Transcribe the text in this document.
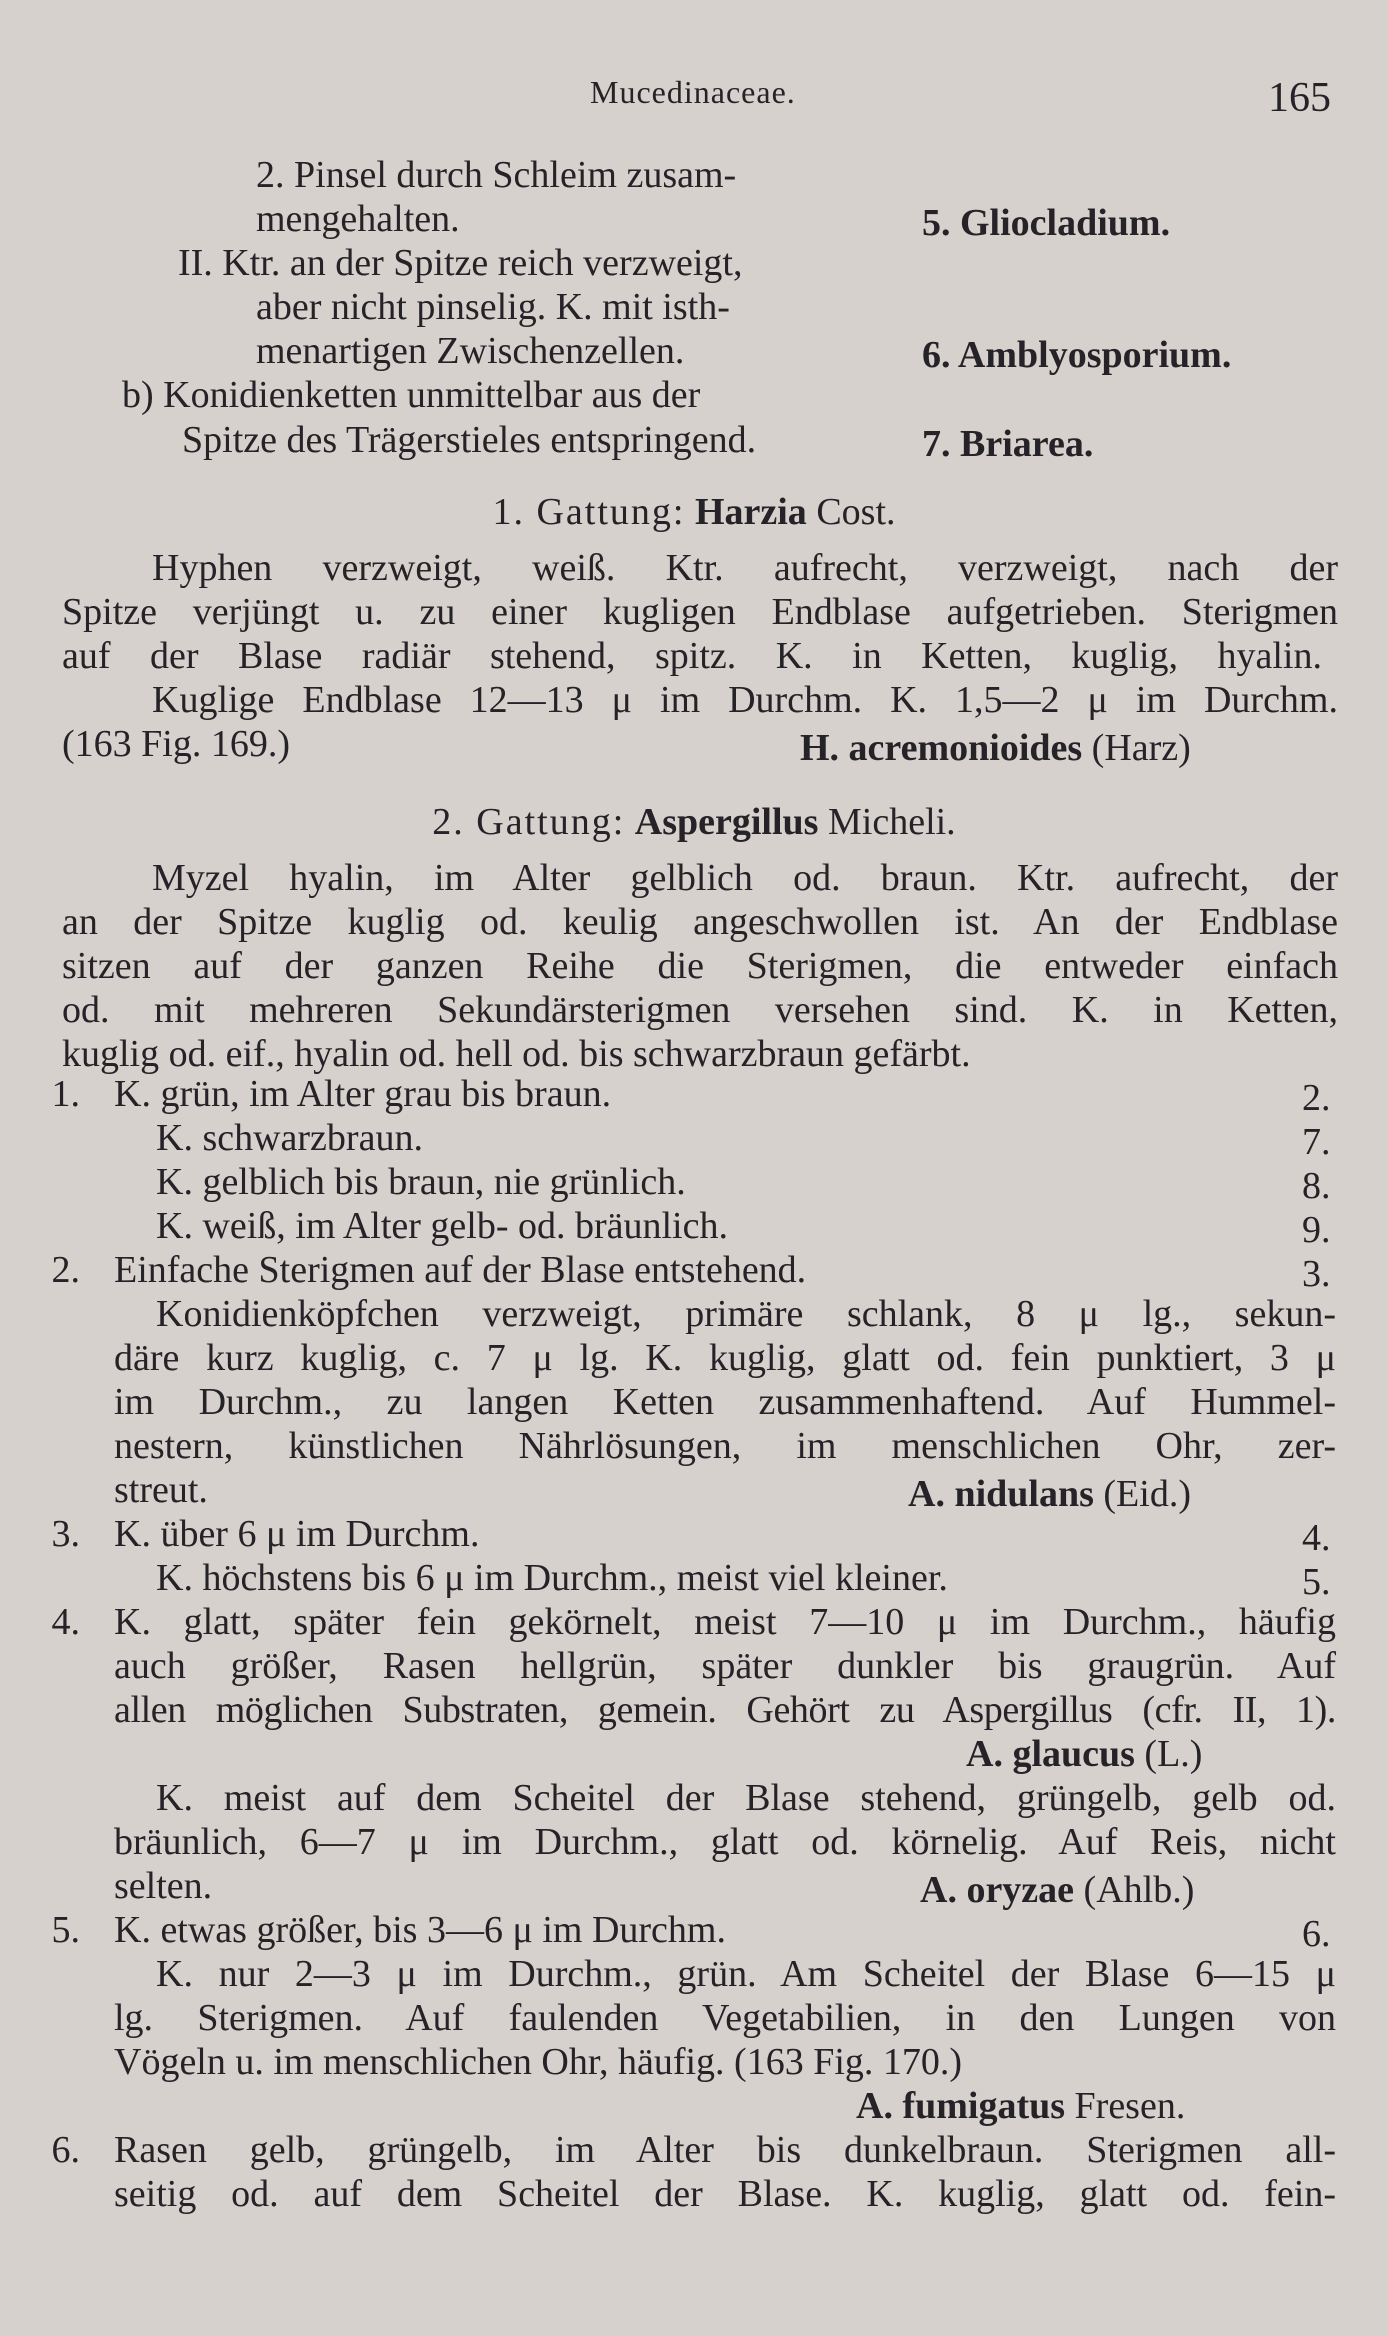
Mucedinaceae.	165
2. Pinsel durch Schleim zusam-
mengehalten.	5. Gliocladium.
II. Ktr. an der Spitze reich verzweigt,
aber nicht pinselig. K. mit isth-
menartigen Zwischenzellen.	6. Amblyosporium.
b) Konidienketten unmittelbar aus der
Spitze des Trägerstieles entspringend.	7. Briarea.
1. Gattung: Harzia Cost.
Hyphen verzweigt, weiß. Ktr. aufrecht, verzweigt, nach der
Spitze verjüngt u. zu einer kugligen Endblase aufgetrieben. Sterigmen
auf der Blase radiär stehend, spitz. K. in Ketten, kuglig, hyalin.
Kuglige Endblase 12—13 μ im Durchm. K. 1,5—2 μ im Durchm.
(163 Fig. 169.)	H. acremonioides (Harz)
2. Gattung: Aspergillus Micheli.
Myzel hyalin, im Alter gelblich od. braun. Ktr. aufrecht, der
an der Spitze kuglig od. keulig angeschwollen ist. An der Endblase
sitzen auf der ganzen Reihe die Sterigmen, die entweder einfach
od. mit mehreren Sekundärsterigmen versehen sind. K. in Ketten,
kuglig od. eif., hyalin od. hell od. bis schwarzbraun gefärbt.
1. K. grün, im Alter grau bis braun.	2.
K. schwarzbraun.	7.
K. gelblich bis braun, nie grünlich.	8.
K. weiß, im Alter gelb- od. bräunlich.	9.
2. Einfache Sterigmen auf der Blase entstehend.	3.
Konidienköpfchen verzweigt, primäre schlank, 8 μ lg., sekun-
däre kurz kuglig, c. 7 μ lg. K. kuglig, glatt od. fein punktiert, 3 μ
im Durchm., zu langen Ketten zusammenhaftend. Auf Hummel-
nestern, künstlichen Nährlösungen, im menschlichen Ohr, zer-
streut.	A. nidulans (Eid.)
3. K. über 6 μ im Durchm.	4.
K. höchstens bis 6 μ im Durchm., meist viel kleiner.	5.
4. K. glatt, später fein gekörnelt, meist 7—10 μ im Durchm., häufig
auch größer, Rasen hellgrün, später dunkler bis graugrün. Auf
allen möglichen Substraten, gemein. Gehört zu Aspergillus (cfr. II, 1).
A. glaucus (L.)
K. meist auf dem Scheitel der Blase stehend, grüngelb, gelb od.
bräunlich, 6—7 μ im Durchm., glatt od. körnelig. Auf Reis, nicht
selten.	A. oryzae (Ahlb.)
5. K. etwas größer, bis 3—6 μ im Durchm.	6.
K. nur 2—3 μ im Durchm., grün. Am Scheitel der Blase 6—15 μ
lg. Sterigmen. Auf faulenden Vegetabilien, in den Lungen von
Vögeln u. im menschlichen Ohr, häufig. (163 Fig. 170.)
A. fumigatus Fresen.
6. Rasen gelb, grüngelb, im Alter bis dunkelbraun. Sterigmen all-
seitig od. auf dem Scheitel der Blase. K. kuglig, glatt od. fein-
